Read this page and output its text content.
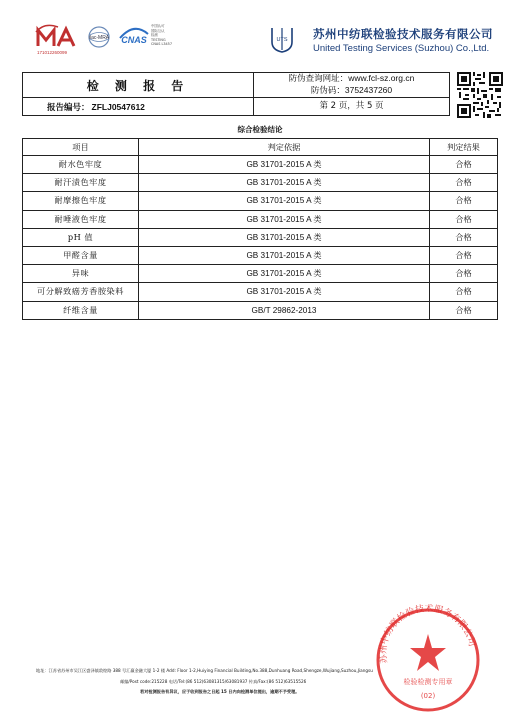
171012260099
ilac-MRA CNAS
中国认可
国际互认
检测
TESTING
CNAS L3457
UTS 苏州中纺联检验技术服务有限公司
United Testing Services (Suzhou) Co.,Ltd.
检 测 报 告	防伪查询网址：www.fcl-sz.org.cn
防伪码：3752437260

报告编号： ZFLJ0547612	第 2 页，共 5 页
综合检验结论
项目	判定依据	判定结果
耐水色牢度	GB 31701-2015 A 类	合格
耐汗渍色牢度	GB 31701-2015 A 类	合格
耐摩擦色牢度	GB 31701-2015 A 类	合格
耐唾液色牢度	GB 31701-2015 A 类	合格
pH 值	GB 31701-2015 A 类	合格
甲醛含量	GB 31701-2015 A 类	合格
异味	GB 31701-2015 A 类	合格
可分解致癌芳香胺染料	GB 31701-2015 A 类	合格
纤维含量	GB/T 29862-2013	合格
苏州中纺联检验技术服务有限公司
检验检测专用章
(02)
地址：江苏省苏州市吴江区盛泽镇敦煌路 388 号汇赢金融大厦 1-2 楼 Add: Floor 1-2,Huiying Financial Building,No.388,Dunhuang Road,Shengze,Wujiang,Suzhou,Jiangsu
邮编/Post code:215228 电话/Tel:(86 512)63081315/63081937 传真/Fax:(86 512)63515526
若对检测报告有异议，应于收到报告之日起 15 日内向检测单位提出，逾期不予受理。
